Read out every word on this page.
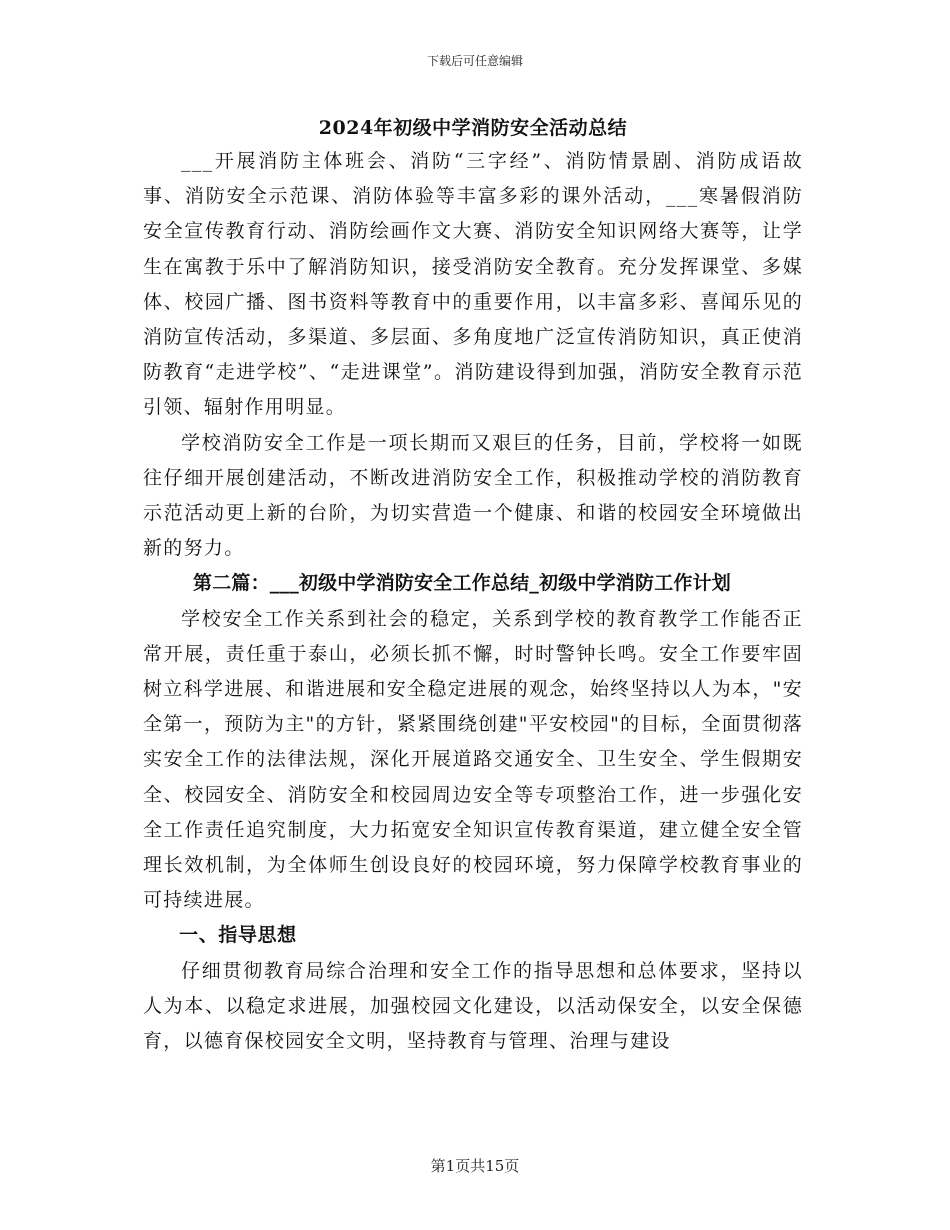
下载后可任意编辑
2024年初级中学消防安全活动总结

___开展消防主体班会、消防“三字经”、消防情景剧、消防成语故事、消防安全示范课、消防体验等丰富多彩的课外活动，___寒暑假消防安全宣传教育行动、消防绘画作文大赛、消防安全知识网络大赛等，让学生在寓教于乐中了解消防知识，接受消防安全教育。充分发挥课堂、多媒体、校园广播、图书资料等教育中的重要作用，以丰富多彩、喜闻乐见的消防宣传活动，多渠道、多层面、多角度地广泛宣传消防知识，真正使消防教育“走进学校”、“走进课堂”。消防建设得到加强，消防安全教育示范引领、辐射作用明显。

学校消防安全工作是一项长期而又艰巨的任务，目前，学校将一如既往仔细开展创建活动，不断改进消防安全工作，积极推动学校的消防教育示范活动更上新的台阶，为切实营造一个健康、和谐的校园安全环境做出新的努力。

第二篇：___初级中学消防安全工作总结_初级中学消防工作计划

学校安全工作关系到社会的稳定，关系到学校的教育教学工作能否正常开展，责任重于泰山，必须长抓不懈，时时警钟长鸣。安全工作要牢固树立科学进展、和谐进展和安全稳定进展的观念，始终坚持以人为本，"安全第一，预防为主"的方针，紧紧围绕创建"平安校园"的目标，全面贯彻落实安全工作的法律法规，深化开展道路交通安全、卫生安全、学生假期安全、校园安全、消防安全和校园周边安全等专项整治工作，进一步强化安全工作责任追究制度，大力拓宽安全知识宣传教育渠道，建立健全安全管理长效机制，为全体师生创设良好的校园环境，努力保障学校教育事业的可持续进展。

一、指导思想

仔细贯彻教育局综合治理和安全工作的指导思想和总体要求，坚持以人为本、以稳定求进展，加强校园文化建设，以活动保安全，以安全保德育，以德育保校园安全文明，坚持教育与管理、治理与建设

第1页共15页
